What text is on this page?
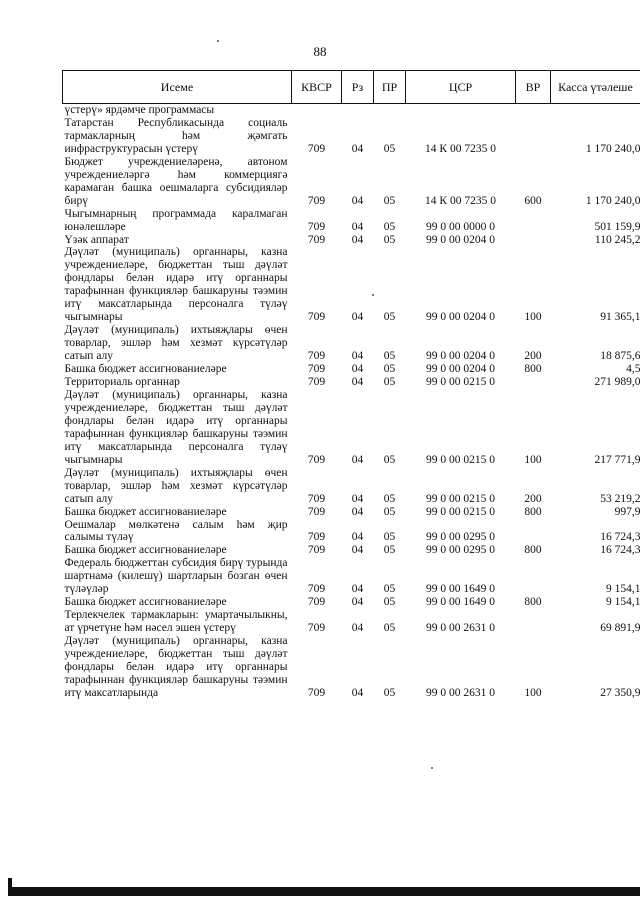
88
Исеме	КВСР	Рз	ПР	ЦСР	ВР	Касса үтәлеше
үстерү» ярдәмче программасы						
Татарстан Республикасында социаль тармакларның һәм җәмгать инфраструктурасын үстерү	709	04	05	14 К 00 7235 0		1 170 240,0
Бюджет учреждениеләренә, автоном учреждениеләргә һәм коммерциягә карамаган башка оешмаларга субсидияләр бирү	709	04	05	14 К 00 7235 0	600	1 170 240,0
Чыгымнарның программада каралмаган юнәлешләре	709	04	05	99 0 00 0000 0		501 159,9
Үзәк аппарат	709	04	05	99 0 00 0204 0		110 245,2
Дәүләт (муниципаль) органнары, казна учреждениеләре, бюджеттан тыш дәүләт фондлары белән идарә итү органнары тарафыннан функцияләр башкаруны тәэмин итү максатларында персоналга түләү чыгымнары	709	04	05	99 0 00 0204 0	100	91 365,1
Дәүләт (муниципаль) ихтыяҗлары өчен товарлар, эшләр һәм хезмәт күрсәтүләр сатып алу	709	04	05	99 0 00 0204 0	200	18 875,6
Башка бюджет ассигнованиеләре	709	04	05	99 0 00 0204 0	800	4,5
Территориаль органнар	709	04	05	99 0 00 0215 0		271 989,0
Дәүләт (муниципаль) органнары, казна учреждениеләре, бюджеттан тыш дәүләт фондлары белән идарә итү органнары тарафыннан функцияләр башкаруны тәэмин итү максатларында персоналга түләү чыгымнары	709	04	05	99 0 00 0215 0	100	217 771,9
Дәүләт (муниципаль) ихтыяҗлары өчен товарлар, эшләр һәм хезмәт күрсәтүләр сатып алу	709	04	05	99 0 00 0215 0	200	53 219,2
Башка бюджет ассигнованиеләре	709	04	05	99 0 00 0215 0	800	997,9
Оешмалар мөлкәтенә салым һәм җир салымы түләү	709	04	05	99 0 00 0295 0		16 724,3
Башка бюджет ассигнованиеләре	709	04	05	99 0 00 0295 0	800	16 724,3
Федераль бюджеттан субсидия бирү турында шартнамә (килешү) шартларын бозган өчен түләүләр	709	04	05	99 0 00 1649 0		9 154,1
Башка бюджет ассигнованиеләре	709	04	05	99 0 00 1649 0	800	9 154,1
Терлекчелек тармакларын: умартачылыкны, ат үрчетүне һәм нәсел эшен үстерү	709	04	05	99 0 00 2631 0		69 891,9
Дәүләт (муниципаль) органнары, казна учреждениеләре, бюджеттан тыш дәүләт фондлары белән идарә итү органнары тарафыннан функцияләр башкаруны тәэмин итү максатларында	709	04	05	99 0 00 2631 0	100	27 350,9
